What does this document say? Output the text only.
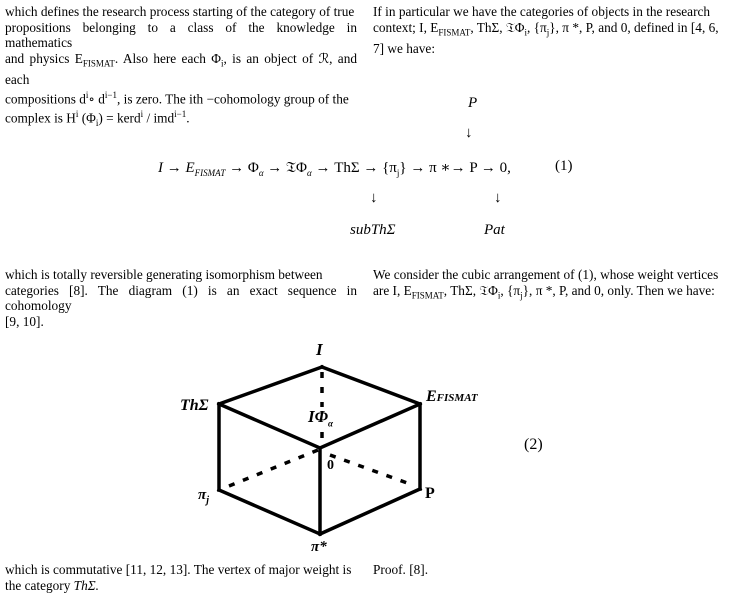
which defines the research process starting of the category of true

propositions belonging to a class of the knowledge in mathematics

and physics $E_{FISMAT}$. Also here each $\Phi_i$, is an object of ℛ, and each

compositions $d^i\circ$ $d^{i-1}$, is zero. The ith −cohomology group of the

complex is $H^i$ $(\Phi_i)$ = kerd$^i$ / imd$^{i-1}$.

If in particular we have the categories of objects in the research

context; I, $E_{FISMAT}$, ThΣ, 𝔗Φ$_i$, $\{\pi_j\}$, π *, P, and 0, defined in [4, 6,

7] we have:

P
↓
$I \to E_{FISMAT} \to \Phi_\alpha$ → 𝔗Φ$_\alpha$ → $Th\Sigma \to \{\pi_j\} \to \pi$ ∗→ P → 0,	(1)
↓	↓
subThΣ	Pat

which is totally reversible generating isomorphism between

categories [8]. The diagram (1) is an exact sequence in cohomology

[9, 10].

We consider the cubic arrangement of (1), whose weight vertices

are I, $E_{FISMAT}$, ThΣ, 𝔗Φ$_i$, $\{\pi_j\}$, π *, P, and 0, only. Then we have:

I
ThΣ
EFISMAT
$I\Phi_\alpha$
0
$\pi_j$	P
π*
(2)

which is commutative [11, 12, 13]. The vertex of major weight is

the category ThΣ.

Proof. [8].
